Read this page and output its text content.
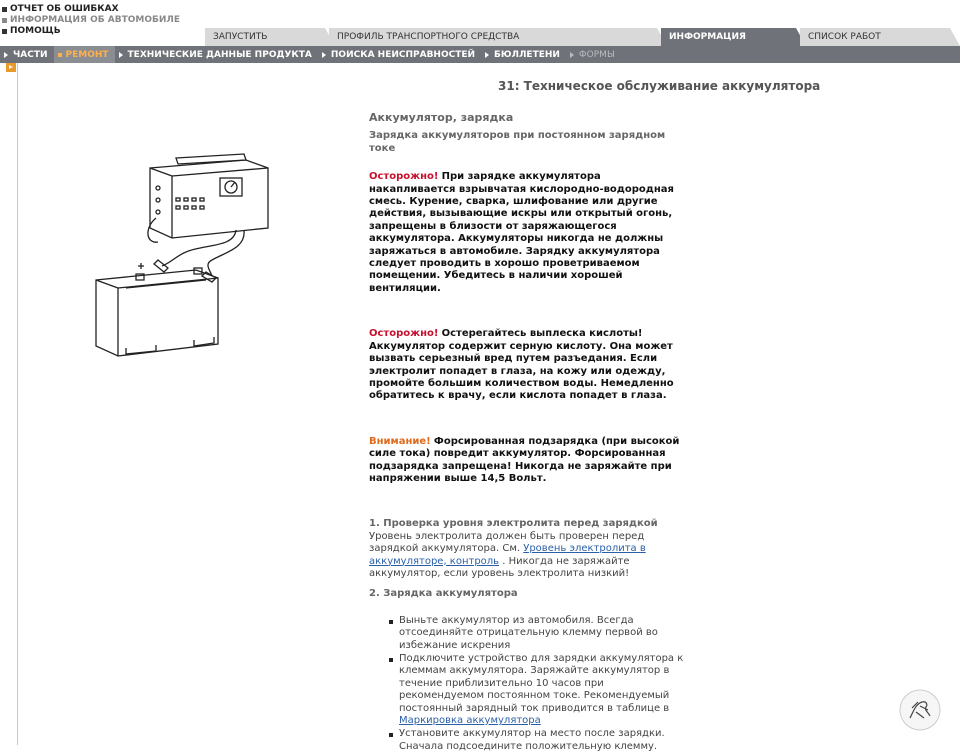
ОТЧЕТ ОБ ОШИБКАХ
ИНФОРМАЦИЯ ОБ АВТОМОБИЛЕ
ПОМОЩЬ
ЗАПУСТИТЬ	ПРОФИЛЬ ТРАНСПОРТНОГО СРЕДСТВА	ИНФОРМАЦИЯ	СПИСОК РАБОТ
ЧАСТИ РЕМОНТ ТЕХНИЧЕСКИЕ ДАННЫЕ ПРОДУКТА ПОИСКА НЕИСПРАВНОСТЕЙ БЮЛЛЕТЕНИ ФОРМЫ
31: Техническое обслуживание аккумулятора
Аккумулятор, зарядка
Зарядка аккумуляторов при постоянном зарядном токе
Осторожно! При зарядке аккумулятора накапливается взрывчатая кислородно-водородная смесь. Курение, сварка, шлифование или другие действия, вызывающие искры или открытый огонь, запрещены в близости от заряжающегося аккумулятора. Аккумуляторы никогда не должны заряжаться в автомобиле. Зарядку аккумулятора следует проводить в хорошо проветриваемом помещении. Убедитесь в наличии хорошей вентиляции.
Осторожно! Остерегайтесь выплеска кислоты! Аккумулятор содержит серную кислоту. Она может вызвать серьезный вред путем разъедания. Если электролит попадет в глаза, на кожу или одежду, промойте большим количеством воды. Немедленно обратитесь к врачу, если кислота попадет в глаза.
Внимание! Форсированная подзарядка (при высокой силе тока) повредит аккумулятор. Форсированная подзарядка запрещена! Никогда не заряжайте при напряжении выше 14,5 Вольт.
1. Проверка уровня электролита перед зарядкой
Уровень электролита должен быть проверен перед зарядкой аккумулятора. См. Уровень электролита в аккумуляторе, контроль . Никогда не заряжайте аккумулятор, если уровень электролита низкий!
2. Зарядка аккумулятора
Выньте аккумулятор из автомобиля. Всегда отсоединяйте отрицательную клемму первой во избежание искрения
Подключите устройство для зарядки аккумулятора к клеммам аккумулятора. Заряжайте аккумулятор в течение приблизительно 10 часов при рекомендуемом постоянном токе. Рекомендуемый постоянный зарядный ток приводится в таблице в
Маркировка аккумулятора
Установите аккумулятор на место после зарядки. Сначала подсоедините положительную клемму.
